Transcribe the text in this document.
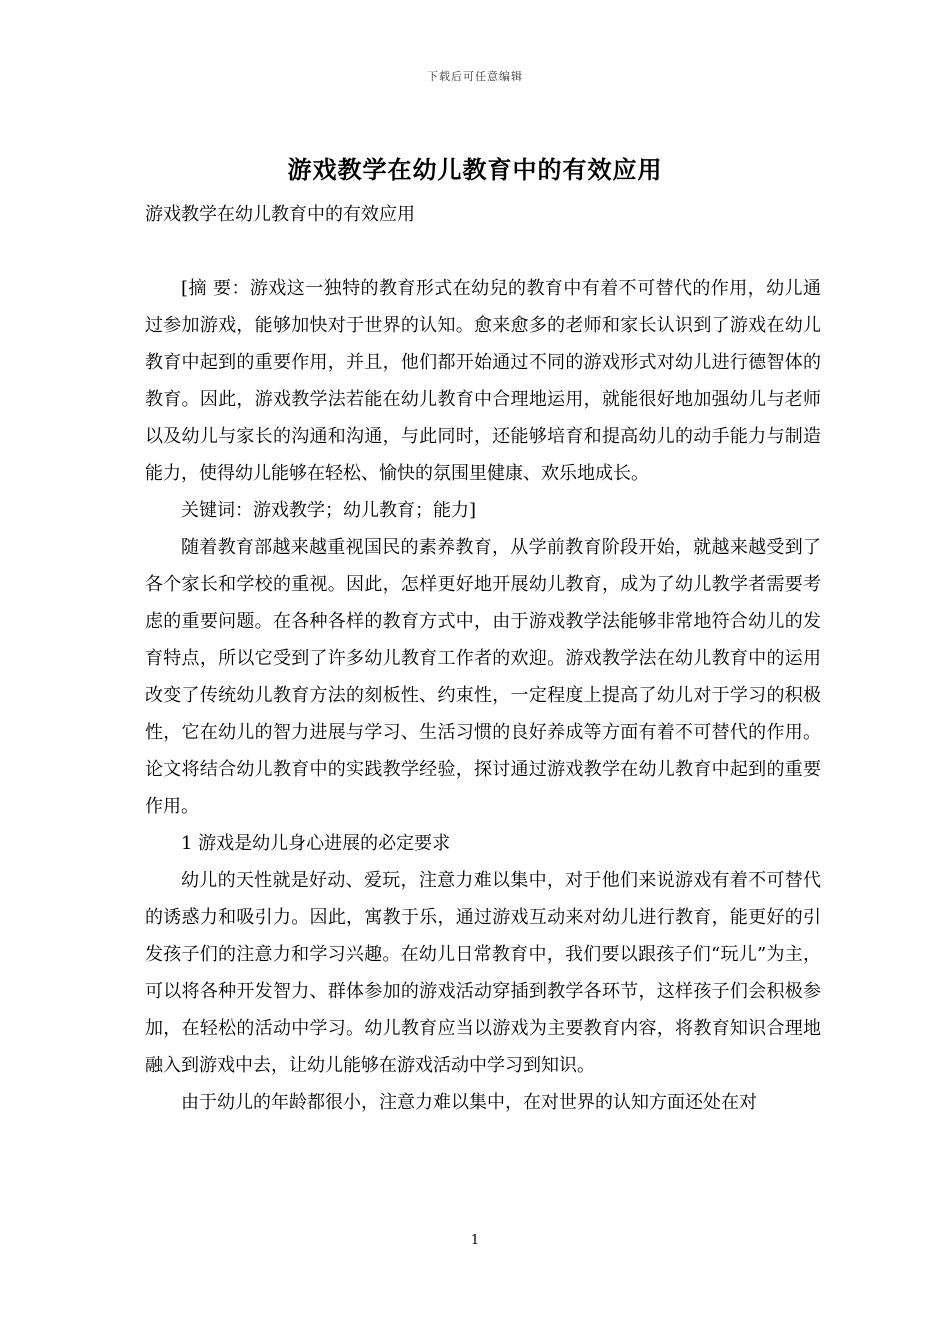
下载后可任意编辑
游戏教学在幼儿教育中的有效应用

游戏教学在幼儿教育中的有效应用

[摘 要：游戏这一独特的教育形式在幼兒的教育中有着不可替代的作用，幼儿通过参加游戏，能够加快对于世界的认知。愈来愈多的老师和家长认识到了游戏在幼儿教育中起到的重要作用，并且，他们都开始通过不同的游戏形式对幼儿进行德智体的教育。因此，游戏教学法若能在幼儿教育中合理地运用，就能很好地加强幼儿与老师以及幼儿与家长的沟通和沟通，与此同时，还能够培育和提高幼儿的动手能力与制造能力，使得幼儿能够在轻松、愉快的氛围里健康、欢乐地成长。

关键词：游戏教学；幼儿教育；能力]

随着教育部越来越重视国民的素养教育，从学前教育阶段开始，就越来越受到了各个家长和学校的重视。因此，怎样更好地开展幼儿教育，成为了幼儿教学者需要考虑的重要问题。在各种各样的教育方式中，由于游戏教学法能够非常地符合幼儿的发育特点，所以它受到了许多幼儿教育工作者的欢迎。游戏教学法在幼儿教育中的运用改变了传统幼儿教育方法的刻板性、约束性，一定程度上提高了幼儿对于学习的积极性，它在幼儿的智力进展与学习、生活习惯的良好养成等方面有着不可替代的作用。论文将结合幼儿教育中的实践教学经验，探讨通过游戏教学在幼儿教育中起到的重要作用。

1 游戏是幼儿身心进展的必定要求

幼儿的天性就是好动、爱玩，注意力难以集中，对于他们来说游戏有着不可替代的诱惑力和吸引力。因此，寓教于乐，通过游戏互动来对幼儿进行教育，能更好的引发孩子们的注意力和学习兴趣。在幼儿日常教育中，我们要以跟孩子们“玩儿”为主，可以将各种开发智力、群体参加的游戏活动穿插到教学各环节，这样孩子们会积极参加，在轻松的活动中学习。幼儿教育应当以游戏为主要教育内容，将教育知识合理地融入到游戏中去，让幼儿能够在游戏活动中学习到知识。

由于幼儿的年龄都很小，注意力难以集中，在对世界的认知方面还处在对

1
